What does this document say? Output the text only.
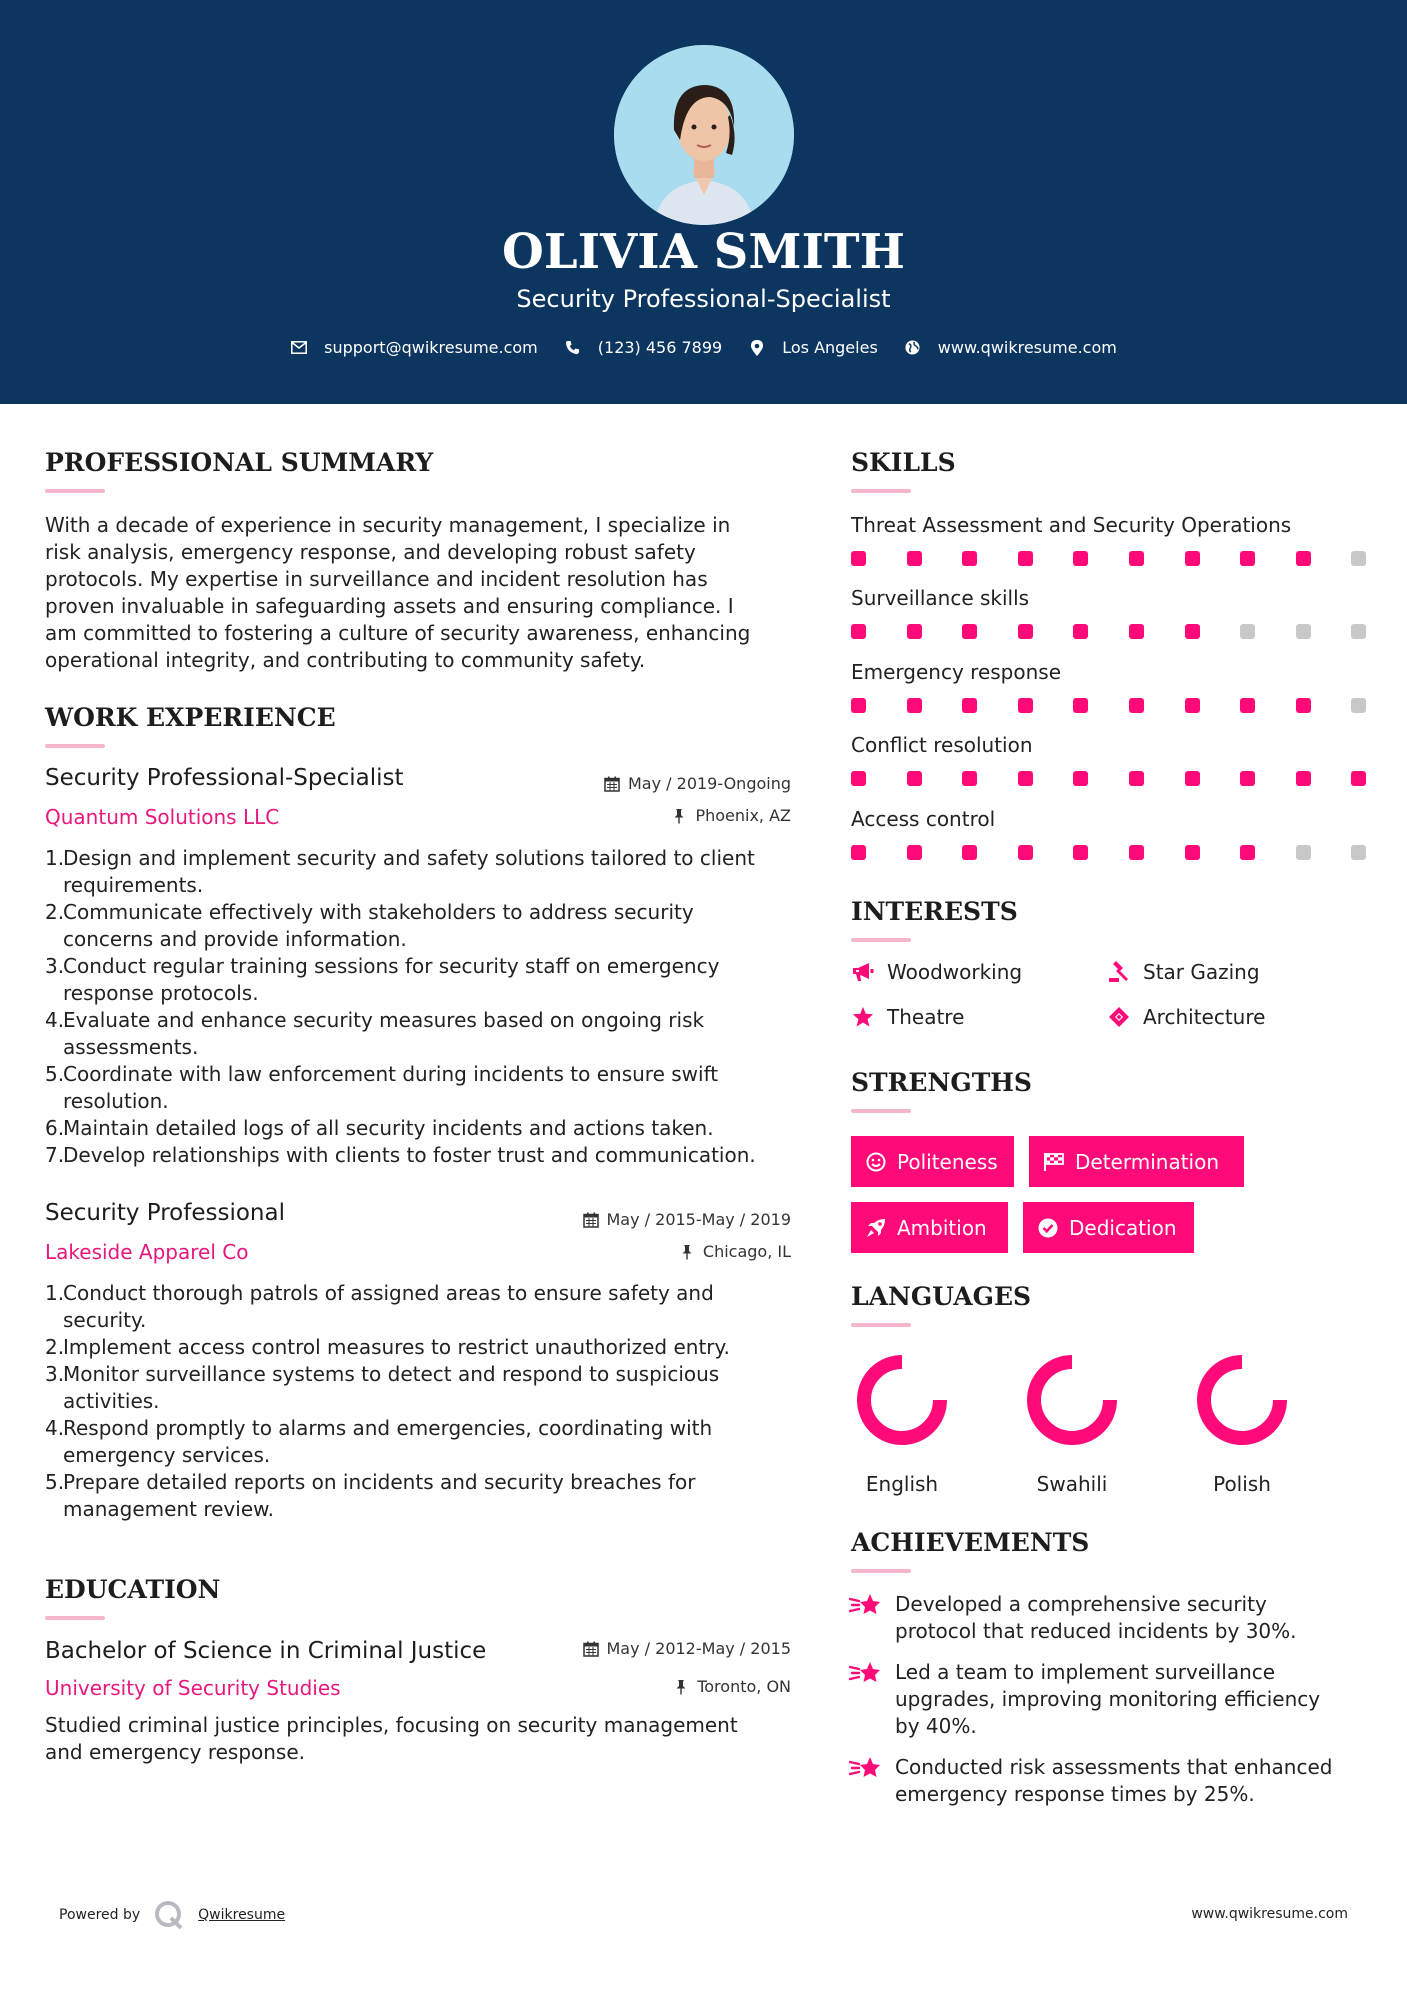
OLIVIA SMITH
Security Professional-Specialist
support@qwikresume.com	(123) 456 7899	Los Angeles	www.qwikresume.com
PROFESSIONAL SUMMARY
With a decade of experience in security management, I specialize in
risk analysis, emergency response, and developing robust safety
protocols. My expertise in surveillance and incident resolution has
proven invaluable in safeguarding assets and ensuring compliance. I
am committed to fostering a culture of security awareness, enhancing
operational integrity, and contributing to community safety.
WORK EXPERIENCE
Security Professional-Specialist	May / 2019-Ongoing
Quantum Solutions LLC	Phoenix, AZ
1.
Design and implement security and safety solutions tailored to client
requirements.
2.
Communicate effectively with stakeholders to address security
concerns and provide information.
3.
Conduct regular training sessions for security staff on emergency
response protocols.
4.
Evaluate and enhance security measures based on ongoing risk
assessments.
5.
Coordinate with law enforcement during incidents to ensure swift
resolution.
6.
Maintain detailed logs of all security incidents and actions taken.
7.
Develop relationships with clients to foster trust and communication.
Security Professional	May / 2015-May / 2019
Lakeside Apparel Co	Chicago, IL
1.
Conduct thorough patrols of assigned areas to ensure safety and
security.
2.
Implement access control measures to restrict unauthorized entry.
3.
Monitor surveillance systems to detect and respond to suspicious
activities.
4.
Respond promptly to alarms and emergencies, coordinating with
emergency services.
5.
Prepare detailed reports on incidents and security breaches for
management review.
EDUCATION
Bachelor of Science in Criminal Justice	May / 2012-May / 2015
University of Security Studies	Toronto, ON
Studied criminal justice principles, focusing on security management
and emergency response.
SKILLS
Threat Assessment and Security Operations
Surveillance skills
Emergency response
Conflict resolution
Access control
INTERESTS
Woodworking	Star Gazing
Theatre	Architecture
STRENGTHS
Politeness	Determination
Ambition	Dedication
LANGUAGES
English	Swahili	Polish
ACHIEVEMENTS
Developed a comprehensive security
protocol that reduced incidents by 30%.
Led a team to implement surveillance
upgrades, improving monitoring efficiency
by 40%.
Conducted risk assessments that enhanced
emergency response times by 25%.
Powered by	Qwikresume	www.qwikresume.com
